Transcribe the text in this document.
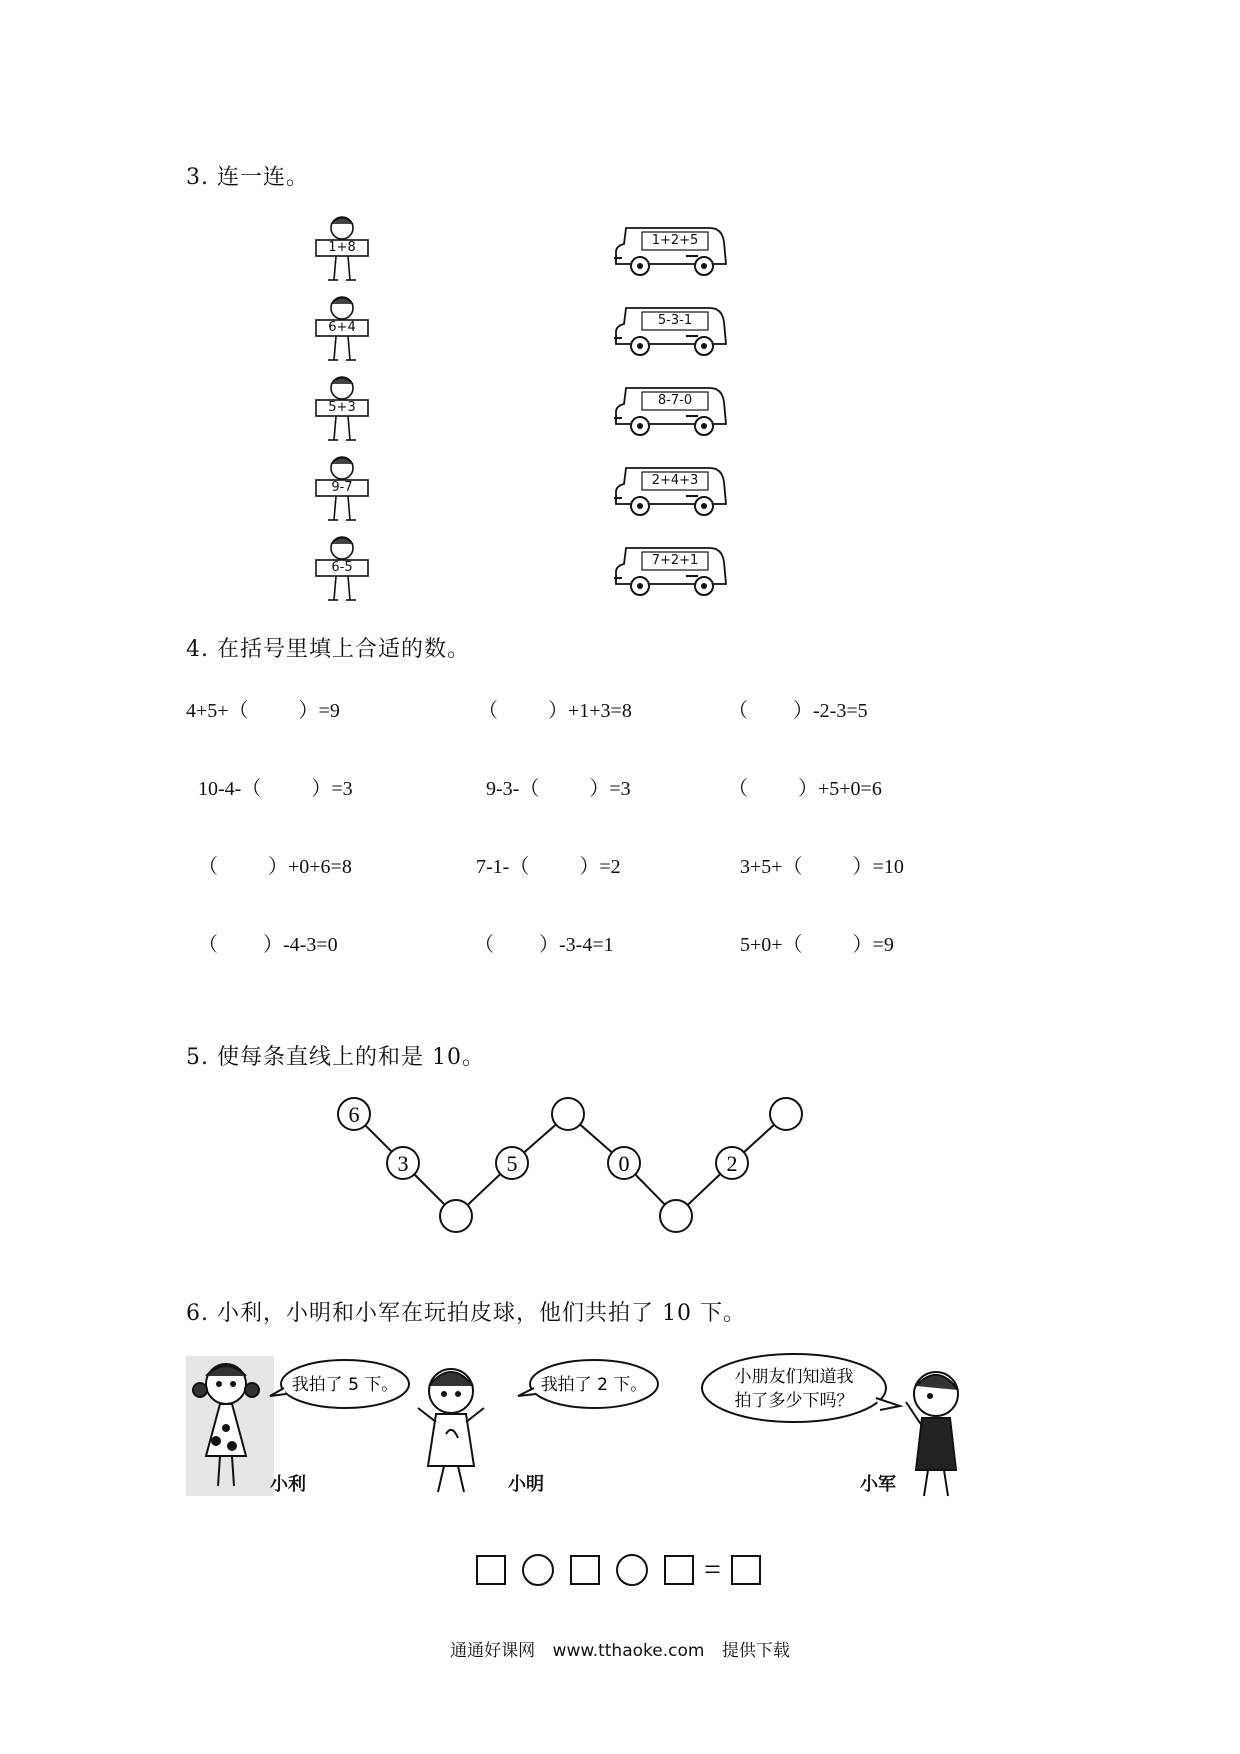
3. 连一连。
1+8
6+4
5+3
9-7
6-5
1+2+5
5-3-1
8-7-0
2+4+3
7+2+1
4. 在括号里填上合适的数。
4+5+（          ）=9	（          ）+1+3=8	（         ）-2-3=5
10-4-（          ）=3	9-3-（          ）=3	（          ）+5+0=6
（          ）+0+6=8	7-1-（          ）=2	3+5+（          ）=10
（         ）-4-3=0	（         ）-3-4=1	5+0+（          ）=9
5. 使每条直线上的和是 10。
6
3	5	0	2
6. 小利，小明和小军在玩拍皮球，他们共拍了 10 下。
我拍了 5 下。	我拍了 2 下。	小朋友们知道我
拍了多少下吗？
小利	小明	小军
=
通通好课网 www.tthaoke.com 提供下载
